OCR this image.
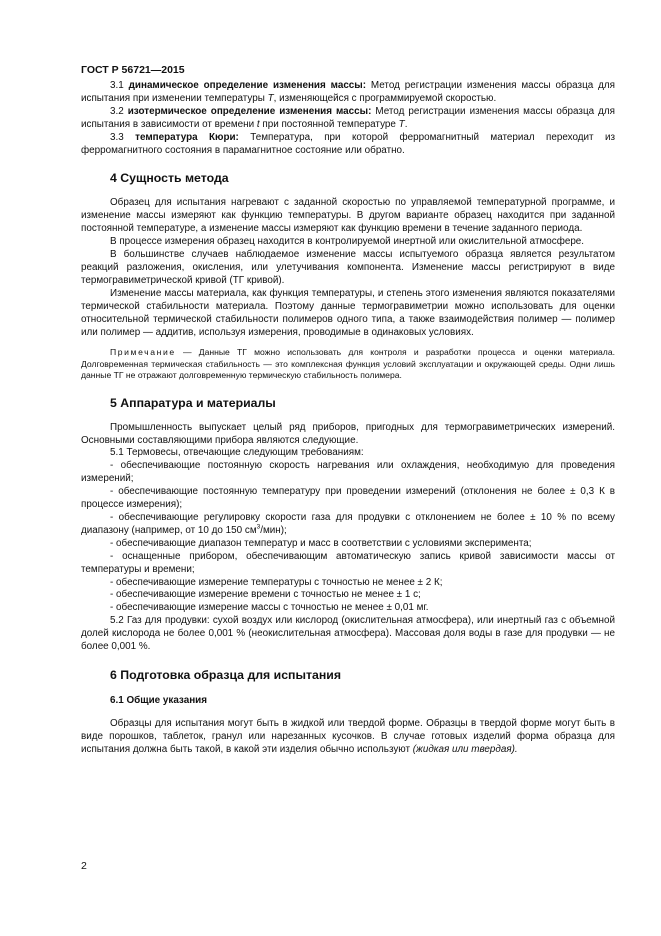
ГОСТ Р 56721—2015

3.1 динамическое определение изменения массы: Метод регистрации изменения массы образца для испытания при изменении температуры T, изменяющейся с программируемой скоростью.

3.2 изотермическое определение изменения массы: Метод регистрации изменения массы образца для испытания в зависимости от времени t при постоянной температуре T.

3.3 температура Кюри: Температура, при которой ферромагнитный материал переходит из ферромагнитного состояния в парамагнитное состояние или обратно.

4 Сущность метода

Образец для испытания нагревают с заданной скоростью по управляемой температурной программе, и изменение массы измеряют как функцию температуры. В другом варианте образец находится при заданной постоянной температуре, а изменение массы измеряют как функцию времени в течение заданного периода.

В процессе измерения образец находится в контролируемой инертной или окислительной атмосфере.

В большинстве случаев наблюдаемое изменение массы испытуемого образца является результатом реакций разложения, окисления, или улетучивания компонента. Изменение массы регистрируют в виде термогравиметрической кривой (ТГ кривой).

Изменение массы материала, как функция температуры, и степень этого изменения являются показателями термической стабильности материала. Поэтому данные термогравиметрии можно использовать для оценки относительной термической стабильности полимеров одного типа, а также взаимодействия полимер — полимер или полимер — аддитив, используя измерения, проводимые в одинаковых условиях.

Примечание — Данные ТГ можно использовать для контроля и разработки процесса и оценки материала. Долговременная термическая стабильность — это комплексная функция условий эксплуатации и окружающей среды. Одни лишь данные ТГ не отражают долговременную термическую стабильность полимера.

5 Аппаратура и материалы

Промышленность выпускает целый ряд приборов, пригодных для термогравиметрических измерений. Основными составляющими прибора являются следующие.

5.1 Термовесы, отвечающие следующим требованиям:

- обеспечивающие постоянную скорость нагревания или охлаждения, необходимую для проведения измерений;

- обеспечивающие постоянную температуру при проведении измерений (отклонения не более ± 0,3 К в процессе измерения);

- обеспечивающие регулировку скорости газа для продувки с отклонением не более ± 10 % по всему диапазону (например, от 10 до 150 $см^3/мин$);

- обеспечивающие диапазон температур и масс в соответствии с условиями эксперимента;

- оснащенные прибором, обеспечивающим автоматическую запись кривой зависимости массы от температуры и времени;

- обеспечивающие измерение температуры с точностью не менее ± 2 К;

- обеспечивающие измерение времени с точностью не менее ± 1 с;

- обеспечивающие измерение массы с точностью не менее ± 0,01 мг.

5.2 Газ для продувки: сухой воздух или кислород (окислительная атмосфера), или инертный газ с объемной долей кислорода не более 0,001 % (неокислительная атмосфера). Массовая доля воды в газе для продувки — не более 0,001 %.

6 Подготовка образца для испытания
6.1 Общие указания

Образцы для испытания могут быть в жидкой или твердой форме. Образцы в твердой форме могут быть в виде порошков, таблеток, гранул или нарезанных кусочков. В случае готовых изделий форма образца для испытания должна быть такой, в какой эти изделия обычно используют (жидкая или твердая).

2
